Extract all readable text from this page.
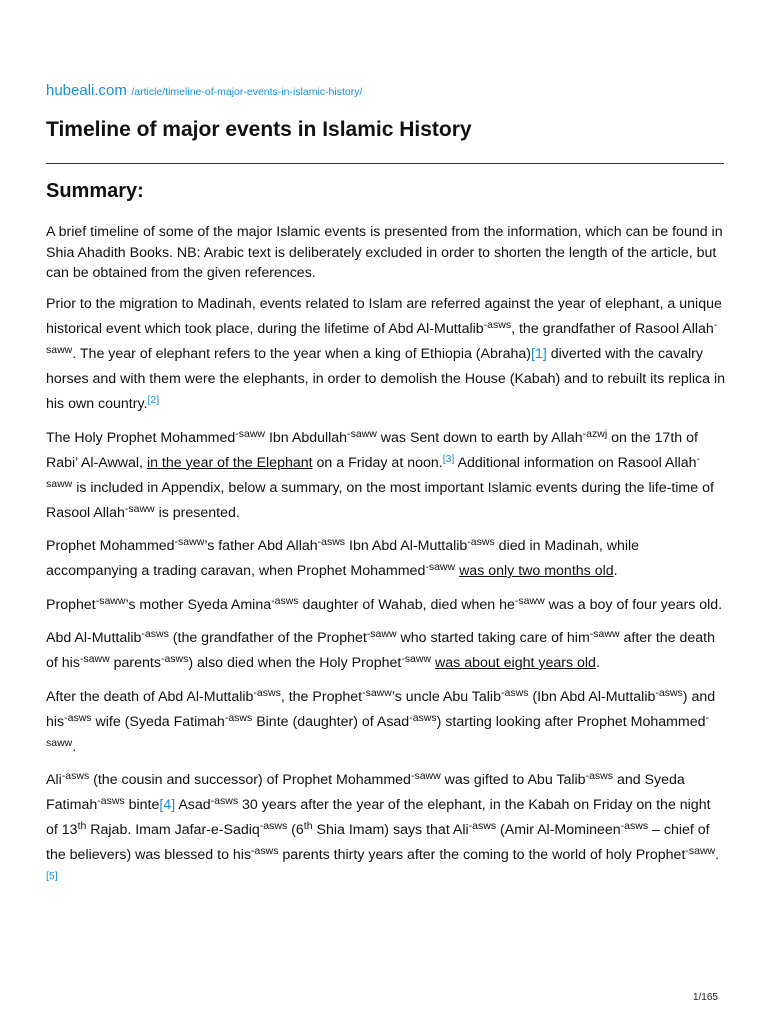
hubeali.com /article/timeline-of-major-events-in-islamic-history/
Timeline of major events in Islamic History
Summary:

A brief timeline of some of the major Islamic events is presented from the information, which can be found in Shia Ahadith Books. NB: Arabic text is deliberately excluded in order to shorten the length of the article, but can be obtained from the given references.

Prior to the migration to Madinah, events related to Islam are referred against the year of elephant, a unique historical event which took place, during the lifetime of Abd Al-Muttalib$^{-asws}$, the grandfather of Rasool Allah$^{-saww}$. The year of elephant refers to the year when a king of Ethiopia (Abraha)[1] diverted with the cavalry horses and with them were the elephants, in order to demolish the House (Kabah) and to rebuilt its replica in his own country.[2]

The Holy Prophet Mohammed$^{-saww}$ Ibn Abdullah$^{-saww}$ was Sent down to earth by Allah$^{-azwj}$ on the 17th of Rabi’ Al-Awwal, in the year of the Elephant on a Friday at noon.[3] Additional information on Rasool Allah$^{-saww}$ is included in Appendix, below a summary, on the most important Islamic events during the life-time of Rasool Allah$^{-saww}$ is presented.

Prophet Mohammed$^{-saww}$’s father Abd Allah$^{-asws}$ Ibn Abd Al-Muttalib$^{-asws}$ died in Madinah, while accompanying a trading caravan, when Prophet Mohammed$^{-saww}$ was only two months old.

Prophet$^{-saww}$’s mother Syeda Amina$^{-asws}$ daughter of Wahab, died when $he^{-saww}$ was a boy of four years old.

Abd Al-Muttalib$^{-asws}$ (the grandfather of the Prophet$^{-saww}$ who started taking care of him$^{-saww}$ after the death of his$^{-saww}$ parents$^{-asws}$) also died when the Holy Prophet$^{-saww}$ was about eight years old.

After the death of Abd Al-Muttalib$^{-asws}$, the Prophet$^{-saww}$’s uncle Abu Talib$^{-asws}$ (Ibn Abd Al-Muttalib$^{-asws}$) and his$^{-asws}$ wife (Syeda Fatimah$^{-asws}$ Binte (daughter) of Asad$^{-asws}$) starting looking after Prophet Mohammed$^{-saww}$.

Ali$^{-asws}$ (the cousin and successor) of Prophet Mohammed$^{-saww}$ was gifted to Abu Talib$^{-asws}$ and Syeda Fatimah$^{-asws}$ binte[4] Asad$^{-asws}$ 30 years after the year of the elephant, in the Kabah on Friday on the night of 13th Rajab. Imam Jafar-e-Sadiq$^{-asws}$ (6th Shia Imam) says that Ali$^{-asws}$ (Amir Al-Momineen$^{-asws}$ – chief of the believers) was blessed to his$^{-asws}$ parents thirty years after the coming to the world of holy Prophet$^{-saww}$.[5]

1/165
